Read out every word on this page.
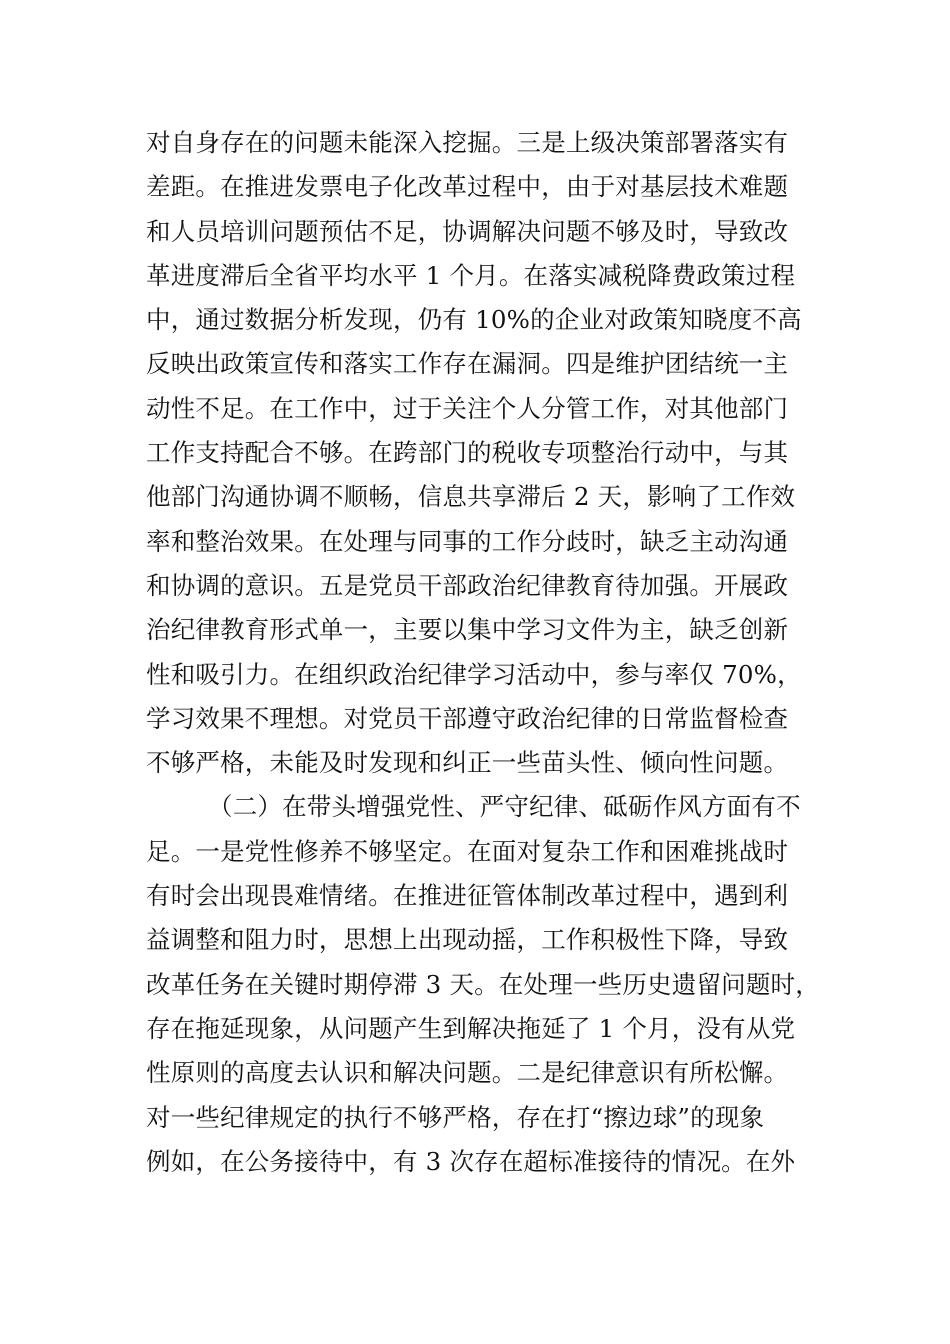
对自身存在的问题未能深入挖掘。三是上级决策部署落实有
差距。在推进发票电子化改革过程中，由于对基层技术难题
和人员培训问题预估不足，协调解决问题不够及时，导致改
革进度滞后全省平均水平 1 个月。在落实减税降费政策过程
中，通过数据分析发现，仍有 10%的企业对政策知晓度不高
反映出政策宣传和落实工作存在漏洞。四是维护团结统一主
动性不足。在工作中，过于关注个人分管工作，对其他部门
工作支持配合不够。在跨部门的税收专项整治行动中，与其
他部门沟通协调不顺畅，信息共享滞后 2 天，影响了工作效
率和整治效果。在处理与同事的工作分歧时，缺乏主动沟通
和协调的意识。五是党员干部政治纪律教育待加强。开展政
治纪律教育形式单一，主要以集中学习文件为主，缺乏创新
性和吸引力。在组织政治纪律学习活动中，参与率仅 70%，
学习效果不理想。对党员干部遵守政治纪律的日常监督检查
不够严格，未能及时发现和纠正一些苗头性、倾向性问题。
（二）在带头增强党性、严守纪律、砥砺作风方面有不
足。一是党性修养不够坚定。在面对复杂工作和困难挑战时
有时会出现畏难情绪。在推进征管体制改革过程中，遇到利
益调整和阻力时，思想上出现动摇，工作积极性下降，导致
改革任务在关键时期停滞 3 天。在处理一些历史遗留问题时，
存在拖延现象，从问题产生到解决拖延了 1 个月，没有从党
性原则的高度去认识和解决问题。二是纪律意识有所松懈。
对一些纪律规定的执行不够严格，存在打“擦边球”的现象
例如，在公务接待中，有 3 次存在超标准接待的情况。在外
